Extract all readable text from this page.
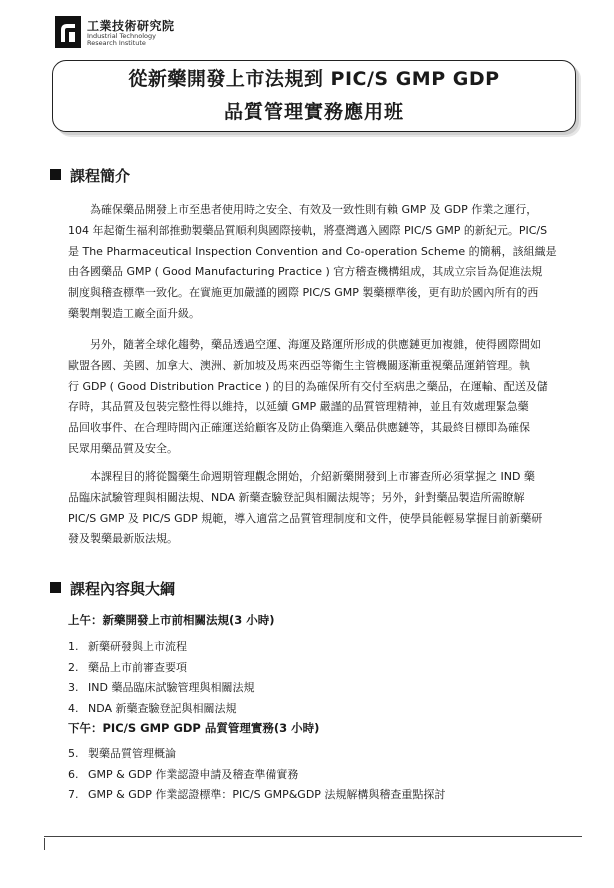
工業技術研究院
Industrial Technology
Research Institute
從新藥開發上市法規到 PIC/S GMP GDP
品質管理實務應用班
課程簡介
為確保藥品開發上市至患者使用時之安全、有效及一致性則有賴 GMP 及 GDP 作業之運行，
104 年起衛生福利部推動製藥品質順利與國際接軌，將臺灣邁入國際 PIC/S GMP 的新紀元。PIC/S
是 The Pharmaceutical Inspection Convention and Co-operation Scheme 的簡稱，該組織是
由各國藥品 GMP ( Good Manufacturing Practice ) 官方稽查機構組成，其成立宗旨為促進法規
制度與稽查標準一致化。在實施更加嚴謹的國際 PIC/S GMP 製藥標準後，更有助於國內所有的西
藥製劑製造工廠全面升級。
另外，隨著全球化趨勢，藥品透過空運、海運及路運所形成的供應鏈更加複雜，使得國際間如
歐盟各國、美國、加拿大、澳洲、新加坡及馬來西亞等衛生主管機關逐漸重視藥品運銷管理。執
行 GDP ( Good Distribution Practice ) 的目的為確保所有交付至病患之藥品，在運輸、配送及儲
存時，其品質及包裝完整性得以維持，以延續 GMP 嚴謹的品質管理精神，並且有效處理緊急藥
品回收事件、在合理時間內正確運送給顧客及防止偽藥進入藥品供應鏈等，其最終目標即為確保
民眾用藥品質及安全。
本課程目的將從醫藥生命週期管理觀念開始，介紹新藥開發到上市審查所必須掌握之 IND 藥
品臨床試驗管理與相關法規、NDA 新藥查驗登記與相關法規等；另外，針對藥品製造所需瞭解
PIC/S GMP 及 PIC/S GDP 規範，導入適當之品質管理制度和文件，使學員能輕易掌握目前新藥研
發及製藥最新版法規。
課程內容與大綱
上午：新藥開發上市前相關法規(3 小時)
1. 新藥研發與上市流程
2. 藥品上市前審查要項
3. IND 藥品臨床試驗管理與相關法規
4. NDA 新藥查驗登記與相關法規
下午：PIC/S GMP GDP 品質管理實務(3 小時)
5. 製藥品質管理概論
6. GMP & GDP 作業認證申請及稽查準備實務
7. GMP & GDP 作業認證標準：PIC/S GMP&GDP 法規解構與稽查重點探討
